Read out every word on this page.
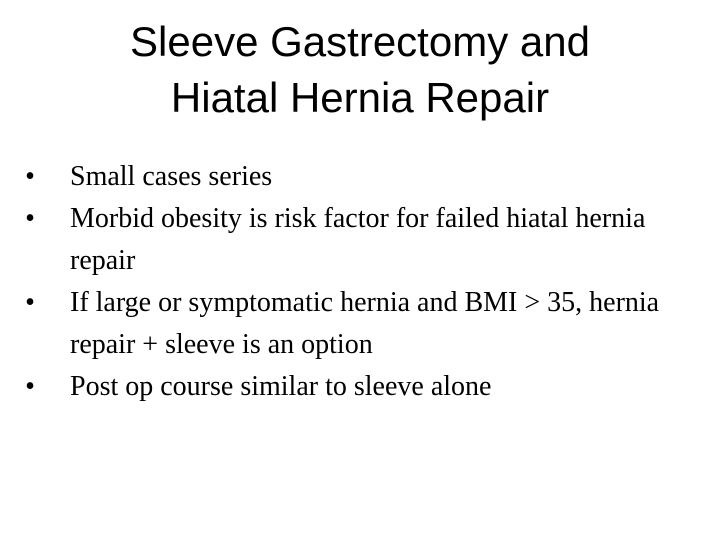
Sleeve Gastrectomy and
Hiatal Hernia Repair
• Small cases series
• Morbid obesity is risk factor for failed hiatal hernia repair
• If large or symptomatic hernia and BMI > 35, hernia repair + sleeve is an option
• Post op course similar to sleeve alone
